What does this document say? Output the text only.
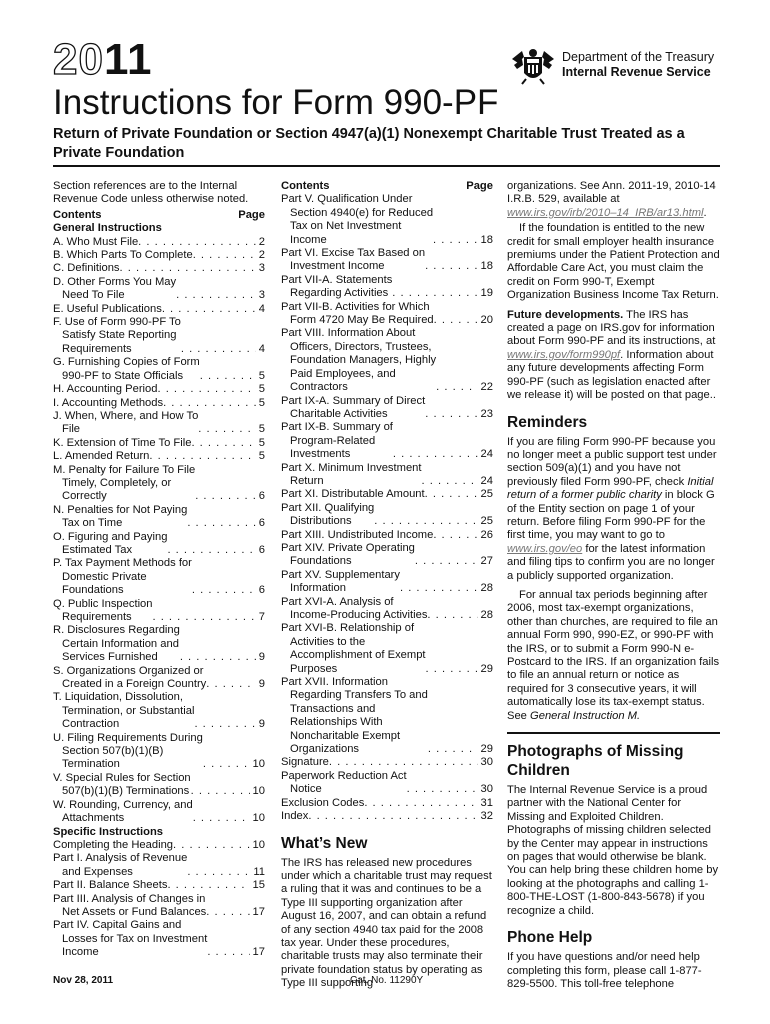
2011
Instructions for Form 990-PF
Department of the Treasury
Internal Revenue Service
Return of Private Foundation or Section 4947(a)(1) Nonexempt Charitable Trust Treated as a Private Foundation

Section references are to the Internal Revenue Code unless otherwise noted.

Contents	Page
General Instructions
A. Who Must File . . .	2
B. Which Parts To Complete . . .	2
C. Definitions . . .	3
D. Other Forms You May
Need To File . . .	3
E. Useful Publications . . .	4
F. Use of Form 990-PF To
Satisfy State Reporting
Requirements . . .	4
G. Furnishing Copies of Form
990-PF to State Officials . . .	5
H. Accounting Period . . .	5
I. Accounting Methods . . .	5
J. When, Where, and How To
File . . .	5
K. Extension of Time To File . . .	5
L. Amended Return . . .	5
M. Penalty for Failure To File
Timely, Completely, or
Correctly . . .	6
N. Penalties for Not Paying
Tax on Time . . .	6
O. Figuring and Paying
Estimated Tax . . .	6
P. Tax Payment Methods for
Domestic Private
Foundations . . .	6
Q. Public Inspection
Requirements . . .	7
R. Disclosures Regarding
Certain Information and
Services Furnished . . .	9
S. Organizations Organized or
Created in a Foreign Country . . .	9
T. Liquidation, Dissolution,
Termination, or Substantial
Contraction . . .	9
U. Filing Requirements During
Section 507(b)(1)(B)
Termination . . .	10
V. Special Rules for Section
507(b)(1)(B) Terminations . . .	10
W. Rounding, Currency, and
Attachments . . .	10
Specific Instructions
Completing the Heading . . .	10
Part I. Analysis of Revenue
and Expenses . . .	11
Part II. Balance Sheets . . .	15
Part III. Analysis of Changes in
Net Assets or Fund Balances . . .	17
Part IV. Capital Gains and
Losses for Tax on Investment
Income . . .	17
Contents	Page
Part V. Qualification Under
Section 4940(e) for Reduced
Tax on Net Investment
Income . . .	18
Part VI. Excise Tax Based on
Investment Income . . .	18
Part VII-A. Statements
Regarding Activities . . .	19
Part VII-B. Activities for Which
Form 4720 May Be Required . . .	20
Part VIII. Information About
Officers, Directors, Trustees,
Foundation Managers, Highly
Paid Employees, and
Contractors . . .	22
Part IX-A. Summary of Direct
Charitable Activities . . .	23
Part IX-B. Summary of
Program-Related
Investments . . .	24
Part X. Minimum Investment
Return . . .	24
Part XI. Distributable Amount . . .	25
Part XII. Qualifying
Distributions . . .	25
Part XIII. Undistributed Income . . .	26
Part XIV. Private Operating
Foundations . . .	27
Part XV. Supplementary
Information . . .	28
Part XVI-A. Analysis of
Income-Producing Activities . . .	28
Part XVI-B. Relationship of
Activities to the
Accomplishment of Exempt
Purposes . . .	29
Part XVII. Information
Regarding Transfers To and
Transactions and
Relationships With
Noncharitable Exempt
Organizations . . .	29
Signature . . .	30
Paperwork Reduction Act
Notice . . .	30
Exclusion Codes . . .	31
Index . . .	32
What’s New

The IRS has released new procedures under which a charitable trust may request a ruling that it was and continues to be a Type III supporting organization after August 16, 2007, and can obtain a refund of any section 4940 tax paid for the 2008 tax year. Under these procedures, charitable trusts may also terminate their private foundation status by operating as Type III supporting

organizations. See Ann. 2011-19, 2010-14 I.R.B. 529, available at www.irs.gov/irb/2010–14_IRB/ar13.html.

If the foundation is entitled to the new credit for small employer health insurance premiums under the Patient Protection and Affordable Care Act, you must claim the credit on Form 990-T, Exempt Organization Business Income Tax Return.

Future developments. The IRS has created a page on IRS.gov for information about Form 990-PF and its instructions, at www.irs.gov/form990pf. Information about any future developments affecting Form 990-PF (such as legislation enacted after we release it) will be posted on that page..

Reminders

If you are filing Form 990-PF because you no longer meet a public support test under section 509(a)(1) and you have not previously filed Form 990-PF, check Initial return of a former public charity in block G of the Entity section on page 1 of your return. Before filing Form 990-PF for the first time, you may want to go to www.irs.gov/eo for the latest information and filing tips to confirm you are no longer a publicly supported organization.

For annual tax periods beginning after 2006, most tax-exempt organizations, other than churches, are required to file an annual Form 990, 990-EZ, or 990-PF with the IRS, or to submit a Form 990-N e-Postcard to the IRS. If an organization fails to file an annual return or notice as required for 3 consecutive years, it will automatically lose its tax-exempt status. See General Instruction M.

Photographs of Missing Children

The Internal Revenue Service is a proud partner with the National Center for Missing and Exploited Children. Photographs of missing children selected by the Center may appear in instructions on pages that would otherwise be blank. You can help bring these children home by looking at the photographs and calling 1-800-THE-LOST (1-800-843-5678) if you recognize a child.

Phone Help

If you have questions and/or need help completing this form, please call 1-877-829-5500. This toll-free telephone

Nov 28, 2011	Cat. No. 11290Y
